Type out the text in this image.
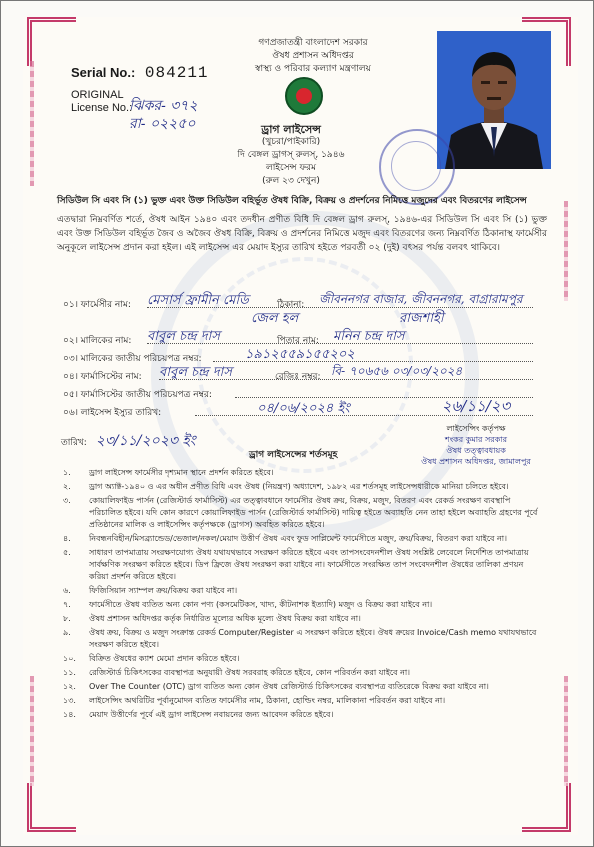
Serial No.: 084211
ORIGINAL
License No.:
ঝিকর- ৩৭২
রা- ০২২৫০
গণপ্রজাতন্ত্রী বাংলাদেশ সরকার
ঔষধ প্রশাসন অধিদপ্তর
স্বাস্থ্য ও পরিবার কল্যাণ মন্ত্রণালয়
ড্রাগ লাইসেন্স
(খুচরা/পাইকারি)
দি বেঙ্গল ড্রাগস্ রুলস্, ১৯৪৬
লাইসেন্স ফরম
(রুল ২৩ দেখুন)
সিডিউল সি এবং সি (১) ভুক্ত এবং উক্ত সিডিউল বহির্ভূত ঔষধ বিক্রি, বিক্রয় ও প্রদর্শনের নিমিত্তে মজুদের এবং বিতরণের লাইসেন্স
এতদ্বারা নিম্নবর্ণিত শর্তে, ঔষধ আইন ১৯৪০ এবং তদধীন প্রণীত বিধি দি বেঙ্গল ড্রাগ রুলস্, ১৯৪৬-এর সিডিউল সি এবং সি (১) ভুক্ত এবং উক্ত সিডিউল বহির্ভূত জৈব ও অজৈব ঔষধ বিক্রি, বিক্রয় ও প্রদর্শনের নিমিত্তে মজুদ এবং বিতরণের জন্য নিম্নবর্ণিত ঠিকানাস্থ ফার্মেসীর অনুকূলে লাইসেন্স প্রদান করা হইল। এই লাইসেন্স এর মেয়াদ ইস্যুর তারিখ হইতে পরবর্তী ০২ (দুই) বৎসর পর্যন্ত বলবৎ থাকিবে।
০১। ফার্মেসীর নাম: মেসার্স ফ্রামীন মেডি	ঠিকানা: জীবননগর বাজার, জীবননগর, বাগ্রারামপুর
জেল হল	রাজশাহী
০২। মালিকের নাম: বাবুল চন্দ্র দাস	পিতার নাম: মনিন চন্দ্র দাস
০৩। মালিকের জাতীয় পরিচয়পত্র নম্বর:	১৯১২৫৫৯১৫৫২০২
০৪। ফার্মাসিস্টের নাম: বাবুল চন্দ্র দাস	রেজিঃ নম্বর: বি- ৭০৬৫৬ ০৩/০৩/২০২৪
০৫। ফার্মাসিস্টের জাতীয় পরিচয়পত্র নম্বর:
০৬। লাইসেন্স ইস্যুর তারিখ:	০৪/০৬/২০২৪ ইং
তারিখ: ২৩/১১/২০২৩ ইং
২৬/১১/২৩
লাইসেন্সিং কর্তৃপক্ষ
শংকর কুমার সরকার
ঔষধ তত্ত্বাবধায়ক
ঔষধ প্রশাসন অধিদপ্তর, জামালপুর
ড্রাগ লাইসেন্সের শর্তসমূহ
১. ড্রাগ লাইসেন্স ফার্মেসীর দৃশ্যমান স্থানে প্রদর্শন করিতে হইবে।
২. ড্রাগ অ্যাক্ট-১৯৪০ ও এর অধীন প্রণীত বিধি এবং ঔষধ (নিয়ন্ত্রণ) অধ্যাদেশ, ১৯৮২ এর শর্তসমূহ লাইসেন্সধারীকে মানিয়া চলিতে হইবে।
৩. কোয়ালিফাইড পার্সন (রেজিস্টার্ড ফার্মাসিস্ট) এর তত্ত্বাবধানে ফার্মেসীর ঔষধ ক্রয়, বিক্রয়, মজুদ, বিতরণ এবং রেকর্ড সংরক্ষণ ব্যবস্থাপি পরিচালিত হইবে। যদি কোন কারণে কোয়ালিফাইড পার্সন (রেজিস্টার্ড ফার্মাসিস্ট) দায়িত্ব হইতে অব্যাহতি নেন তাহা হইলে অব্যাহতি গ্রহণের পূর্বে প্রতিষ্ঠানের মালিক ও লাইসেন্সিং কর্তৃপক্ষকে (ড্রাগস) অবহিত করিতে হইবে।
৪. নিবন্ধনবিহীন/মিসব্র্যান্ডেড/ভেজাল/নকল/মেয়াদ উত্তীর্ণ ঔষধ এবং ফুড সাপ্লিমেন্ট ফার্মেসীতে মজুদ, ক্রয়/বিক্রয়, বিতরণ করা যাইবে না।
৫. সাধারণ তাপমাত্রায় সংরক্ষণযোগ্য ঔষধ যথাযথভাবে সংরক্ষণ করিতে হইবে এবং তাপসংবেদনশীল ঔষধ সংশ্লিষ্ট লেবেলে নির্দেশিত তাপমাত্রায় সার্বক্ষণিক সংরক্ষণ করিতে হইবে। ডিপ ফ্রিজে ঔষধ সংরক্ষণ করা যাইবে না। ফার্মেসীতে সংরক্ষিত তাপ সংবেদনশীল ঔষধের তালিকা প্রণয়ন করিয়া প্রদর্শন করিতে হইবে।
৬. ফিজিসিয়ান স্যাম্পল ক্রয়/বিক্রয় করা যাইবে না।
৭. ফার্মেসীতে ঔষধ ব্যতিত অন্য কোন পণ্য (কসমেটিকস, খাদ্য, কীটনাশক ইত্যাদি) মজুদ ও বিক্রয় করা যাইবে না।
৮. ঔষধ প্রশাসন অধিদপ্তর কর্তৃক নির্ধারিত মূল্যের অধিক মূল্যে ঔষধ বিক্রয় করা যাইবে না।
৯. ঔষধ ক্রয়, বিক্রয় ও মজুদ সংক্রান্ত রেকর্ড Computer/Register এ সংরক্ষণ করিতে হইবে। ঔষধ ক্রয়ের Invoice/Cash memo যথাযথভাবে সংরক্ষণ করিতে হইবে।
১০. বিক্রিত ঔষধের ক্যাশ মেমো প্রদান করিতে হইবে।
১১. রেজিস্টার্ড চিকিৎসকের ব্যবস্থাপত্র অনুযায়ী ঔষধ সরবরাহ করিতে হইবে, কোন পরিবর্তন করা যাইবে না।
১২. Over The Counter (OTC) ড্রাগ ব্যতিত অন্য কোন ঔষধ রেজিস্টার্ড চিকিৎসকের ব্যবস্থাপত্র ব্যতিরেকে বিক্রয় করা যাইবে না।
১৩. লাইসেন্সিং অথরিটির পূর্বানুমোদন ব্যতিত ফার্মেসীর নাম, ঠিকানা, হোল্ডিং নম্বর, মালিকানা পরিবর্তন করা যাইবে না।
১৪. মেয়াদ উত্তীর্ণের পূর্বে এই ড্রাগ লাইসেন্স নবায়নের জন্য আবেদন করিতে হইবে।
